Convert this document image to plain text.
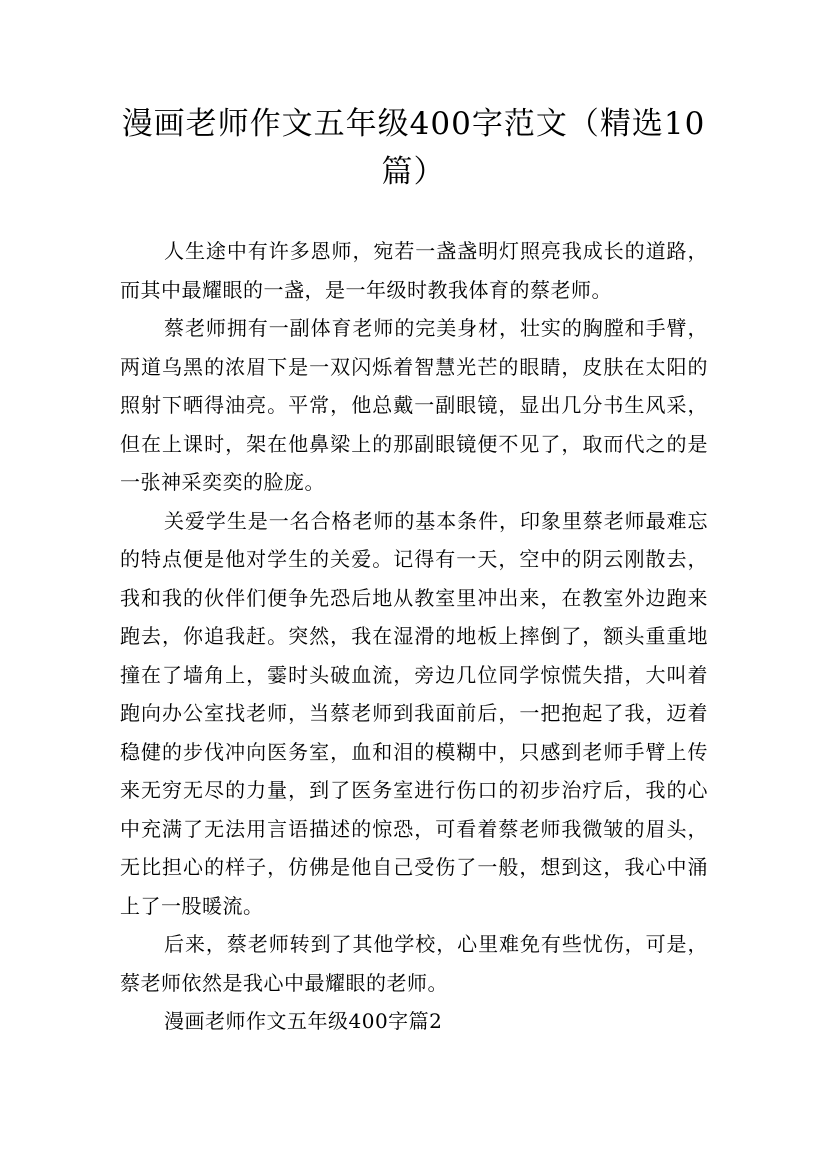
漫画老师作文五年级400字范文（精选10篇）

人生途中有许多恩师，宛若一盏盏明灯照亮我成长的道路，而其中最耀眼的一盏，是一年级时教我体育的蔡老师。

蔡老师拥有一副体育老师的完美身材，壮实的胸膛和手臂，两道乌黑的浓眉下是一双闪烁着智慧光芒的眼睛，皮肤在太阳的照射下晒得油亮。平常，他总戴一副眼镜，显出几分书生风采，但在上课时，架在他鼻梁上的那副眼镜便不见了，取而代之的是一张神采奕奕的脸庞。

关爱学生是一名合格老师的基本条件，印象里蔡老师最难忘的特点便是他对学生的关爱。记得有一天，空中的阴云刚散去，我和我的伙伴们便争先恐后地从教室里冲出来，在教室外边跑来跑去，你追我赶。突然，我在湿滑的地板上摔倒了，额头重重地撞在了墙角上，霎时头破血流，旁边几位同学惊慌失措，大叫着跑向办公室找老师，当蔡老师到我面前后，一把抱起了我，迈着稳健的步伐冲向医务室，血和泪的模糊中，只感到老师手臂上传来无穷无尽的力量，到了医务室进行伤口的初步治疗后，我的心中充满了无法用言语描述的惊恐，可看着蔡老师我微皱的眉头，无比担心的样子，仿佛是他自己受伤了一般，想到这，我心中涌上了一股暖流。

后来，蔡老师转到了其他学校，心里难免有些忧伤，可是，蔡老师依然是我心中最耀眼的老师。

漫画老师作文五年级400字篇2
